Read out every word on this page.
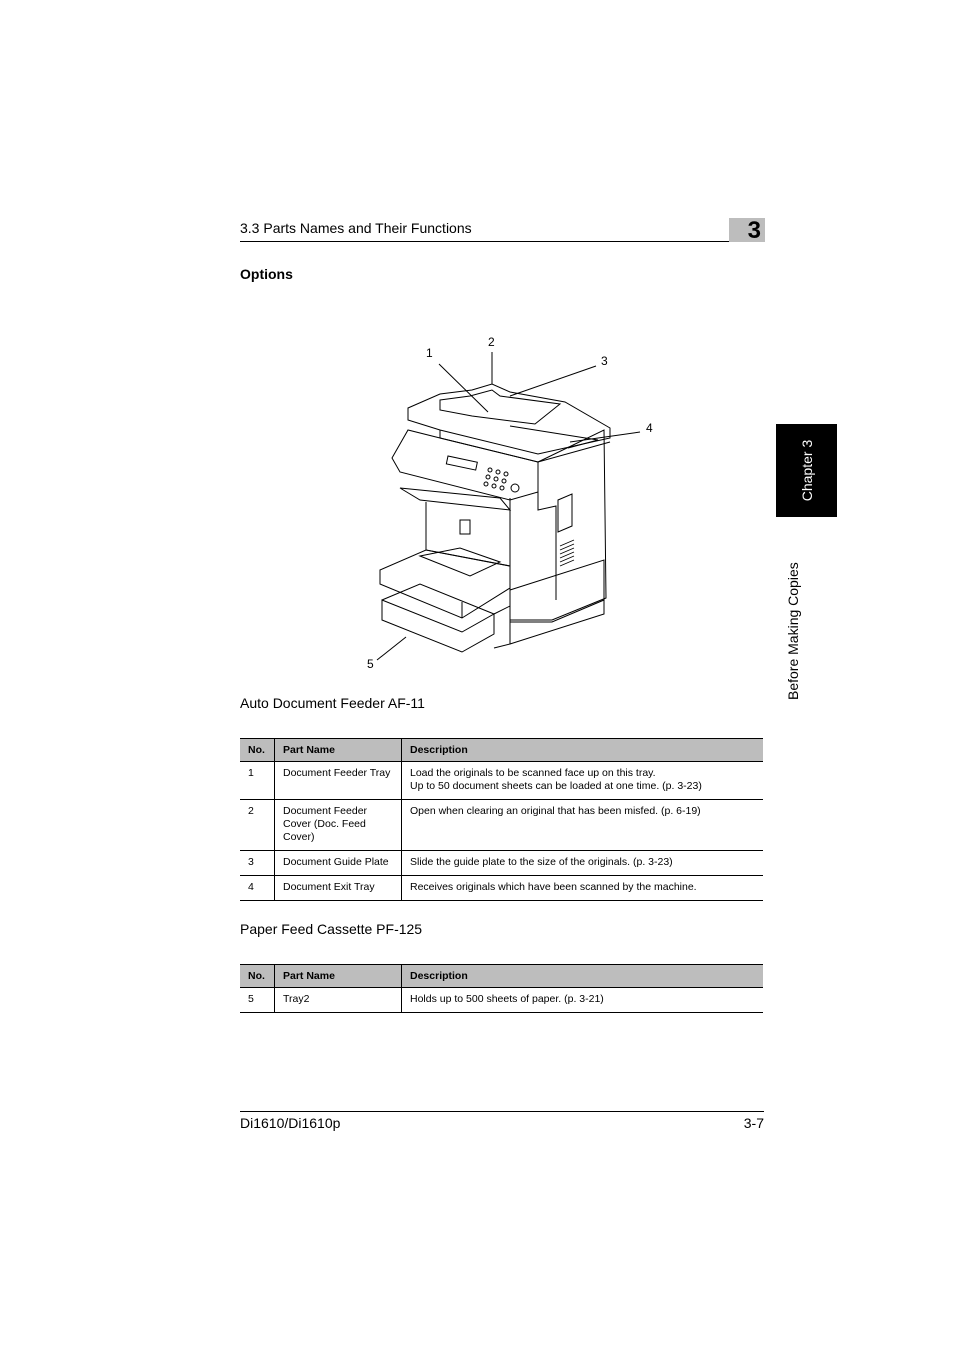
3.3 Parts Names and Their Functions	3
Options
1
2
3
4
5
Auto Document Feeder AF-11
No.	Part Name	Description
1	Document Feeder Tray	Load the originals to be scanned face up on this tray.
Up to 50 document sheets can be loaded at one time. (p. 3-23)

2	Document Feeder Cover (Doc. Feed Cover)	Open when clearing an original that has been misfed. (p. 6-19)
3	Document Guide Plate	Slide the guide plate to the size of the originals. (p. 3-23)
4	Document Exit Tray	Receives originals which have been scanned by the machine.
Paper Feed Cassette PF-125
No.	Part Name	Description
5	Tray2	Holds up to 500 sheets of paper. (p. 3-21)
Chapter 3
Before Making Copies
Di1610/Di1610p	3-7
